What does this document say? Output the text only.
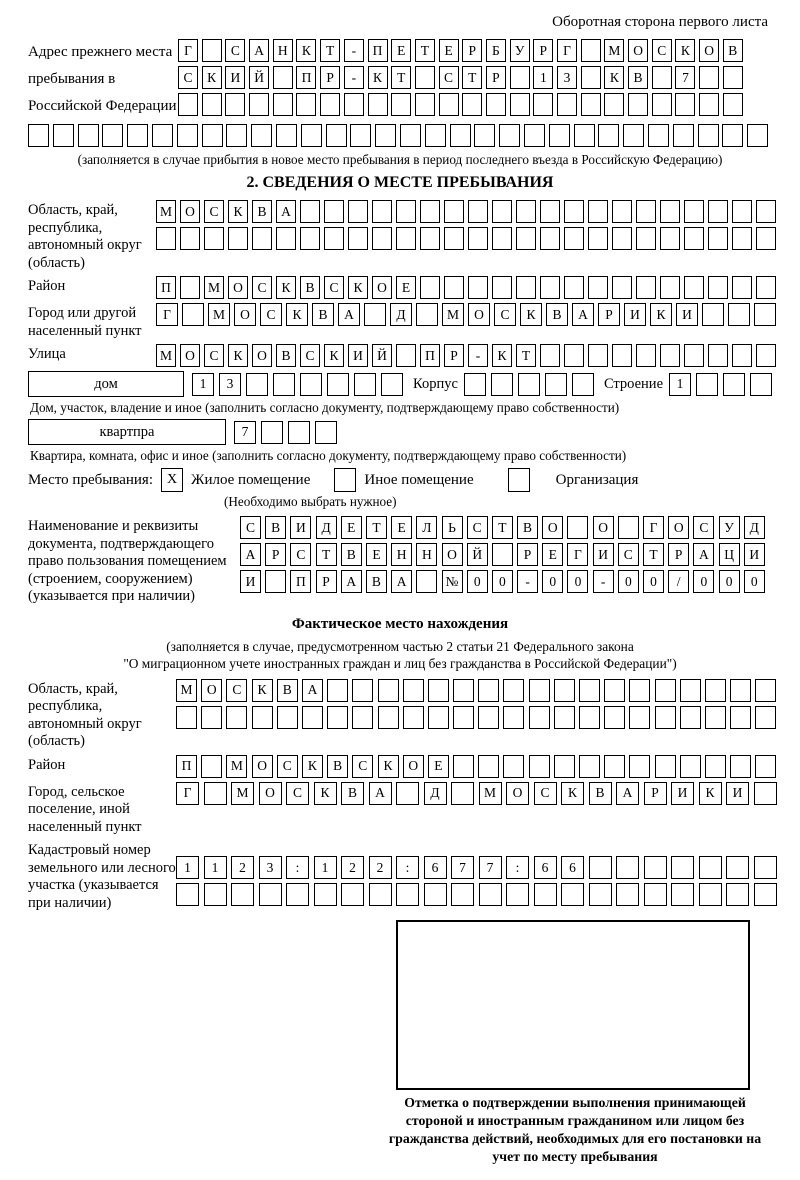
Оборотная сторона первого листа
Адрес прежнего места пребывания в Российской Федерации
Г	С	А	Н	К	Т	-	П	Е	Т	Е	Р	Б	У	Р	Г	М О	С	К	О	В
С	К	И	Й	П	Р	-	К	Т	С	Т	Р	1	3	К	В	7
(заполняется в случае прибытия в новое место пребывания в период последнего въезда в Российскую Федерацию)
2. СВЕДЕНИЯ О МЕСТЕ ПРЕБЫВАНИЯ
Область, край, республика, автономный округ (область)
М О	С	К	В	А
Район	П	М О	С	К	В	С	К	О	Е
Город или другой населенный пункт
Г	М	О	С	К	В	А	Д	М	О	С	К	В	А	Р	И	К	И
Улица	М О	С	К	О	В	С	К	И	Й	П	Р	-	К	Т
дом	1	3	Корпус	Строение	1
Дом, участок, владение и иное (заполнить согласно документу, подтверждающему право собственности)
квартпра	7
Квартира, комната, офис и иное (заполнить согласно документу, подтверждающему право собственности)
Место пребывания: X Жилое помещение	Иное помещение	Организация
(Необходимо выбрать нужное)
Наименование и реквизиты документа, подтверждающего право пользования помещением (строением, сооружением) (указывается при наличии)
С	В	И	Д	Е	Т	Е	Л	Ь	С	Т	В	О	О	Г	О	С	У	Д
А	Р	С	Т	В	Е	Н	Н	О	Й	Р	Е	Г	И	С	Т	Р	А	Ц	И
И	П	Р	А	В	А	№	0	0	-	0	0	-	0	0	/	0	0	0
Фактическое место нахождения
(заполняется в случае, предусмотренном частью 2 статьи 21 Федерального закона
"О миграционном учете иностранных граждан и лиц без гражданства в Российской Федерации")
Область, край, республика, автономный округ (область)
М	О	С	К	В	А
Район	П	М	О	С	К	В	С	К	О	Е
Город, сельское поселение, иной населенный пункт
Г	М	О	С	К	В	А	Д	М	О	С	К	В	А	Р	И	К	И
Кадастровый номер земельного или лесного участка (указывается при наличии)
1	1	2	3	:	1	2	2	:	6	7	7	:	6	6
Отметка о подтверждении выполнения принимающей стороной и иностранным гражданином или лицом без гражданства действий, необходимых для его постановки на учет по месту пребывания
